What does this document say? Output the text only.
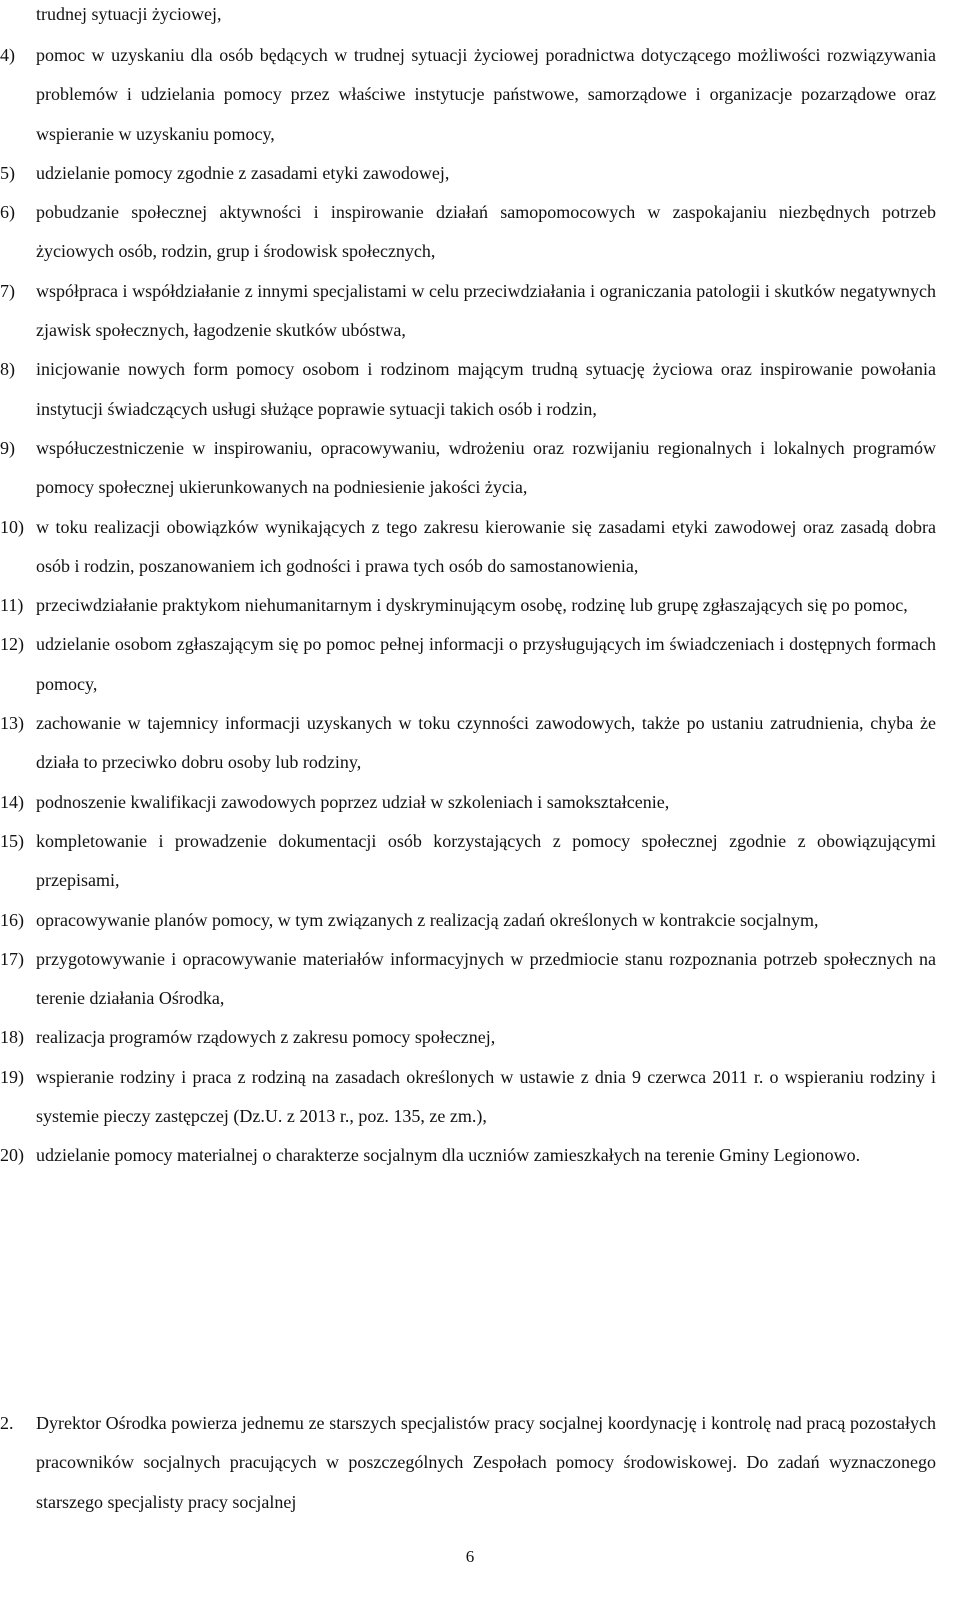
trudnej sytuacji życiowej,

4)	pomoc w uzyskaniu dla osób będących w trudnej sytuacji życiowej poradnictwa dotyczącego możliwości rozwiązywania problemów i udzielania pomocy przez właściwe instytucje państwowe, samorządowe i organizacje pozarządowe oraz wspieranie w uzyskaniu pomocy,
5)	udzielanie pomocy zgodnie z zasadami etyki zawodowej,
6)	pobudzanie społecznej aktywności i inspirowanie działań samopomocowych w zaspokajaniu niezbędnych potrzeb życiowych osób, rodzin, grup i środowisk społecznych,
7)	współpraca i współdziałanie z innymi specjalistami w celu przeciwdziałania i ograniczania patologii i skutków negatywnych zjawisk społecznych, łagodzenie skutków ubóstwa,
8)	inicjowanie nowych form pomocy osobom i rodzinom mającym trudną sytuację życiowa oraz inspirowanie powołania instytucji świadczących usługi służące poprawie sytuacji takich osób i rodzin,
9)	współuczestniczenie w inspirowaniu, opracowywaniu, wdrożeniu oraz rozwijaniu regionalnych i lokalnych programów pomocy społecznej ukierunkowanych na podniesienie jakości życia,
10) w toku realizacji obowiązków wynikających z tego zakresu kierowanie się zasadami etyki zawodowej oraz zasadą dobra osób i rodzin, poszanowaniem ich godności i prawa tych osób do samostanowienia,
11) przeciwdziałanie praktykom niehumanitarnym i dyskryminującym osobę, rodzinę lub grupę zgłaszających się po pomoc,
12) udzielanie osobom zgłaszającym się po pomoc pełnej informacji o przysługujących im świadczeniach i dostępnych formach pomocy,
13) zachowanie w tajemnicy informacji uzyskanych w toku czynności zawodowych, także po ustaniu zatrudnienia, chyba że działa to przeciwko dobru osoby lub rodziny,
14) podnoszenie kwalifikacji zawodowych poprzez udział w szkoleniach i samokształcenie,
15) kompletowanie i prowadzenie dokumentacji osób korzystających z pomocy społecznej zgodnie z obowiązującymi przepisami,
16) opracowywanie planów pomocy, w tym związanych z realizacją zadań określonych w kontrakcie socjalnym,
17) przygotowywanie i opracowywanie materiałów informacyjnych w przedmiocie stanu rozpoznania potrzeb społecznych na terenie działania Ośrodka,
18) realizacja programów rządowych z zakresu pomocy społecznej,
19) wspieranie rodziny i praca z rodziną na zasadach określonych w ustawie z dnia 9 czerwca 2011 r. o wspieraniu rodziny i systemie pieczy zastępczej (Dz.U. z 2013 r., poz. 135, ze zm.),
20) udzielanie pomocy materialnej o charakterze socjalnym dla uczniów zamieszkałych na terenie Gminy Legionowo.

2.	Dyrektor Ośrodka powierza jednemu ze starszych specjalistów pracy socjalnej koordynację i kontrolę nad pracą pozostałych pracowników socjalnych pracujących w poszczególnych Zespołach pomocy środowiskowej. Do zadań wyznaczonego starszego specjalisty pracy socjalnej

6
